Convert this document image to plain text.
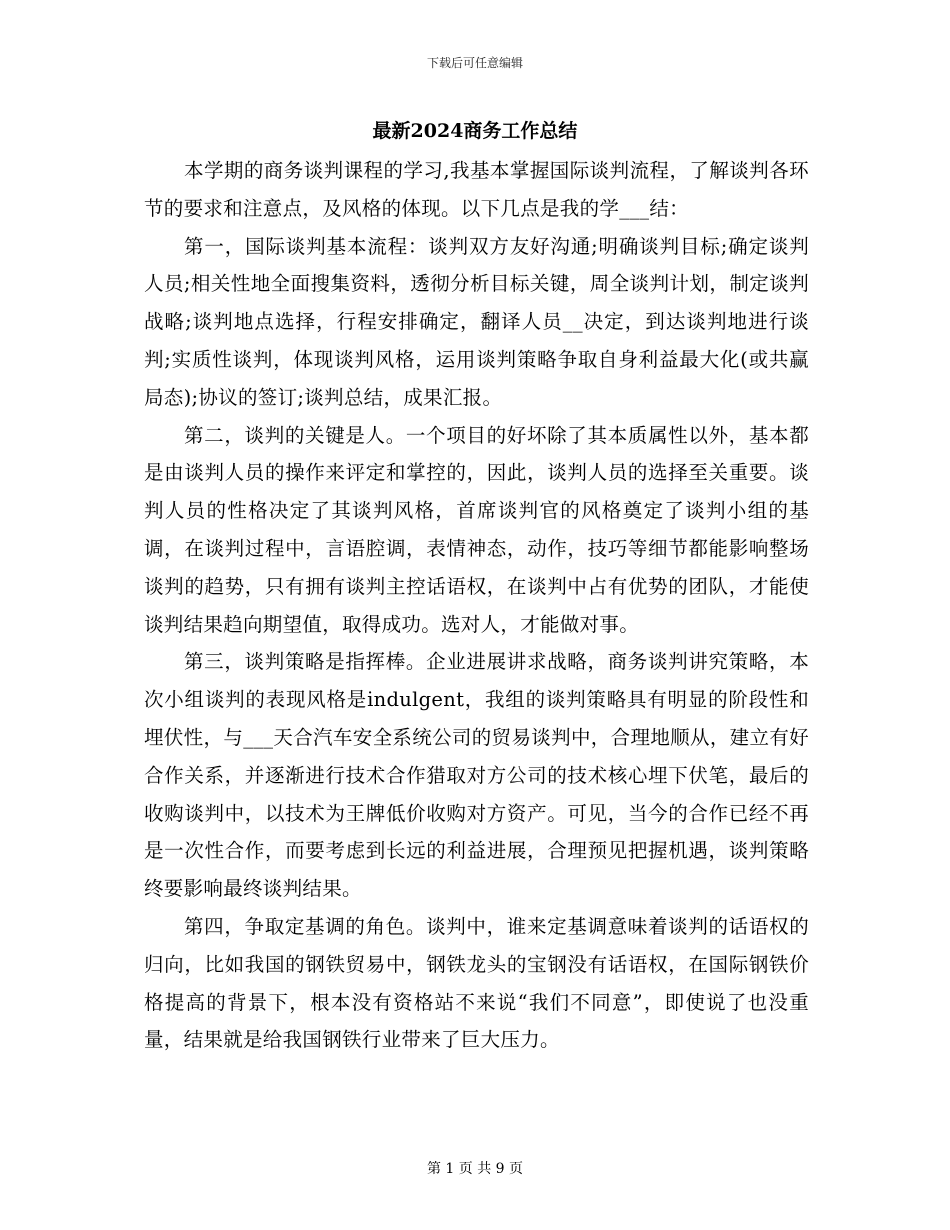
下载后可任意编辑
最新2024商务工作总结

本学期的商务谈判课程的学习,我基本掌握国际谈判流程，了解谈判各环节的要求和注意点，及风格的体现。以下几点是我的学___结：

第一，国际谈判基本流程：谈判双方友好沟通;明确谈判目标;确定谈判人员;相关性地全面搜集资料，透彻分析目标关键，周全谈判计划，制定谈判战略;谈判地点选择，行程安排确定，翻译人员__决定，到达谈判地进行谈判;实质性谈判，体现谈判风格，运用谈判策略争取自身利益最大化(或共赢局态);协议的签订;谈判总结，成果汇报。

第二，谈判的关键是人。一个项目的好坏除了其本质属性以外，基本都是由谈判人员的操作来评定和掌控的，因此，谈判人员的选择至关重要。谈判人员的性格决定了其谈判风格，首席谈判官的风格奠定了谈判小组的基调，在谈判过程中，言语腔调，表情神态，动作，技巧等细节都能影响整场谈判的趋势，只有拥有谈判主控话语权，在谈判中占有优势的团队，才能使谈判结果趋向期望值，取得成功。选对人，才能做对事。

第三，谈判策略是指挥棒。企业进展讲求战略，商务谈判讲究策略，本次小组谈判的表现风格是indulgent，我组的谈判策略具有明显的阶段性和埋伏性，与___天合汽车安全系统公司的贸易谈判中，合理地顺从，建立有好合作关系，并逐渐进行技术合作猎取对方公司的技术核心埋下伏笔，最后的收购谈判中，以技术为王牌低价收购对方资产。可见，当今的合作已经不再是一次性合作，而要考虑到长远的利益进展，合理预见把握机遇，谈判策略终要影响最终谈判结果。

第四，争取定基调的角色。谈判中，谁来定基调意味着谈判的话语权的归向，比如我国的钢铁贸易中，钢铁龙头的宝钢没有话语权，在国际钢铁价格提高的背景下，根本没有资格站不来说“我们不同意”，即使说了也没重量，结果就是给我国钢铁行业带来了巨大压力。

第 1 页 共 9 页
